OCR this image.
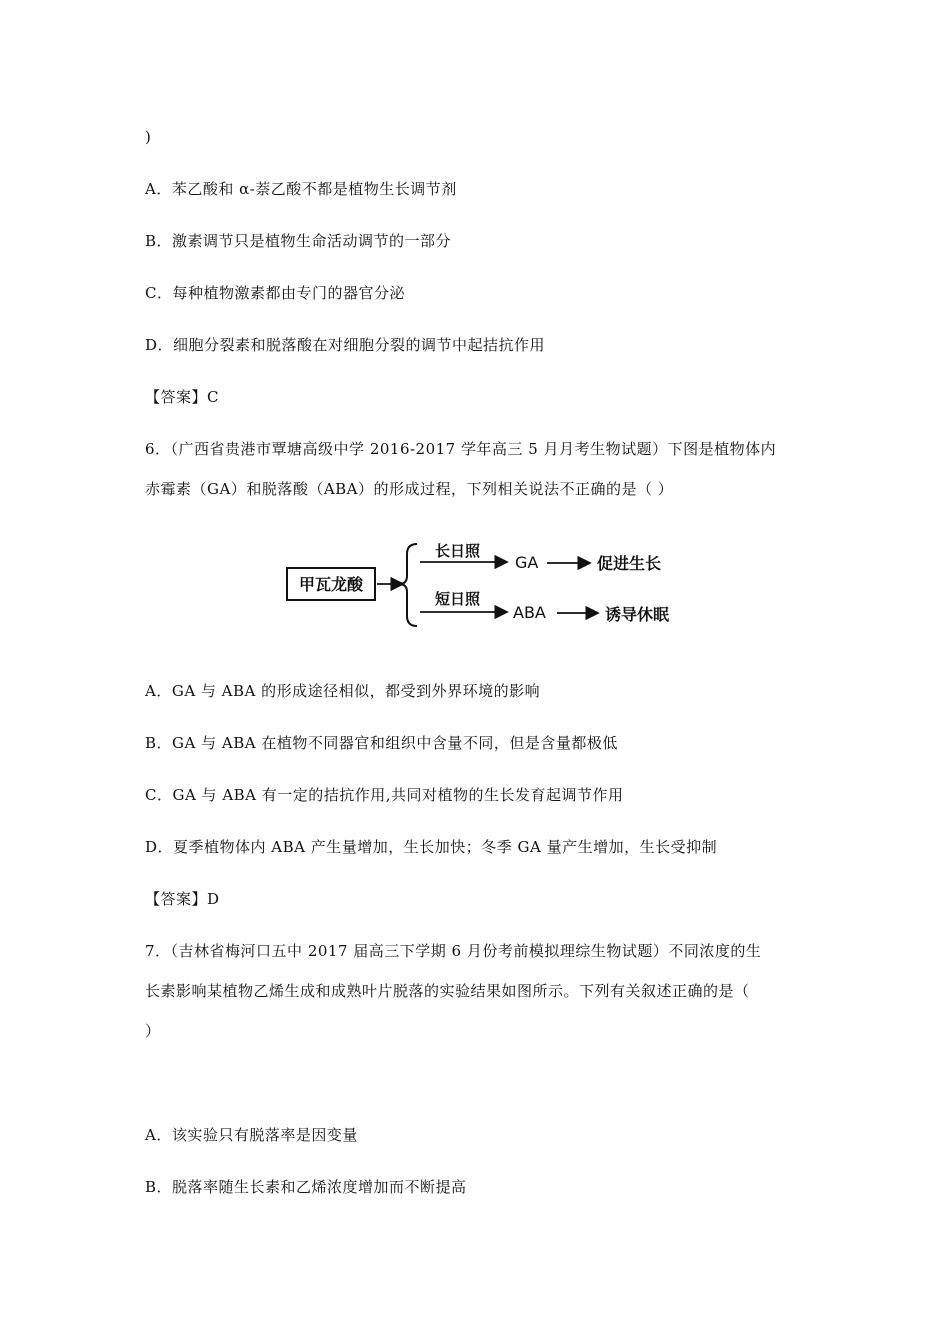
)
A．苯乙酸和 α-萘乙酸不都是植物生长调节剂
B．激素调节只是植物生命活动调节的一部分
C．每种植物激素都由专门的器官分泌
D．细胞分裂素和脱落酸在对细胞分裂的调节中起拮抗作用
【答案】C
6．（广西省贵港市覃塘高级中学 2016-2017 学年高三 5 月月考生物试题）下图是植物体内
赤霉素（GA）和脱落酸（ABA）的形成过程，下列相关说法不正确的是（ ）
甲瓦龙酸
长日照
GA	促进生长
短日照
ABA	诱导休眠
A．GA 与 ABA 的形成途径相似，都受到外界环境的影响
B．GA 与 ABA 在植物不同器官和组织中含量不同，但是含量都极低
C．GA 与 ABA 有一定的拮抗作用,共同对植物的生长发育起调节作用
D．夏季植物体内 ABA 产生量增加，生长加快；冬季 GA 量产生增加，生长受抑制
【答案】D
7．（吉林省梅河口五中 2017 届高三下学期 6 月份考前模拟理综生物试题）不同浓度的生
长素影响某植物乙烯生成和成熟叶片脱落的实验结果如图所示。下列有关叙述正确的是（
）
A．该实验只有脱落率是因变量
B．脱落率随生长素和乙烯浓度增加而不断提高
